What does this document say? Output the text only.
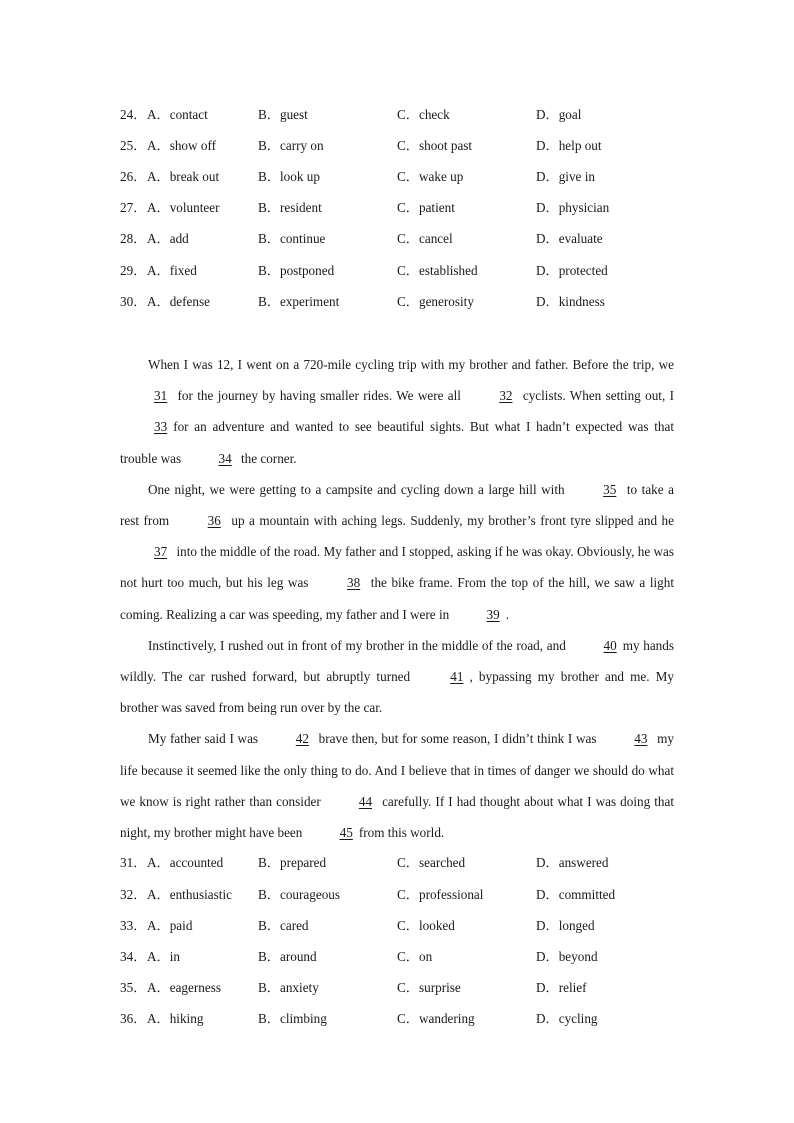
24． A．contact	B．guest	C．check	D．goal
25． A．show off	B．carry on	C．shoot past	D．help out
26． A．break out	B．look up	C．wake up	D．give in
27． A．volunteer	B．resident	C．patient	D．physician
28． A．add	B．continue	C．cancel	D．evaluate
29． A．fixed	B．postponed	C．established	D．protected
30． A．defense	B．experiment	C．generosity	D．kindness

When I was 12, I went on a 720-mile cycling trip with my brother and father. Before the trip, we 31 for the journey by having smaller rides. We were all	32 cyclists. When setting out, I 33 for an adventure and wanted to see beautiful sights. But what I hadn’t expected was that trouble was	34 the corner.

One night, we were getting to a campsite and cycling down a large hill with	35 to take a rest from	36 up a mountain with aching legs. Suddenly, my brother’s front tyre slipped and he 37 into the middle of the road. My father and I stopped, asking if he was okay. Obviously, he was not hurt too much, but his leg was	38 the bike frame. From the top of the hill, we saw a light coming. Realizing a car was speeding, my father and I were in	39 .

Instinctively, I rushed out in front of my brother in the middle of the road, and	40 my hands wildly. The car rushed forward, but abruptly turned	41 , bypassing my brother and me. My brother was saved from being run over by the car.

My father said I was	42 brave then, but for some reason, I didn’t think I was	43 my life because it seemed like the only thing to do. And I believe that in times of danger we should do what we know is right rather than consider	44 carefully. If I had thought about what I was doing that night, my brother might have been	45 from this world.

31． A．accounted	B．prepared	C．searched	D．answered
32． A．enthusiastic B．courageous	C．professional	D．committed
33． A．paid	B．cared	C．looked	D．longed
34． A．in	B．around	C．on	D．beyond
35． A．eagerness	B．anxiety	C．surprise	D．relief
36． A．hiking	B．climbing	C．wandering	D．cycling
